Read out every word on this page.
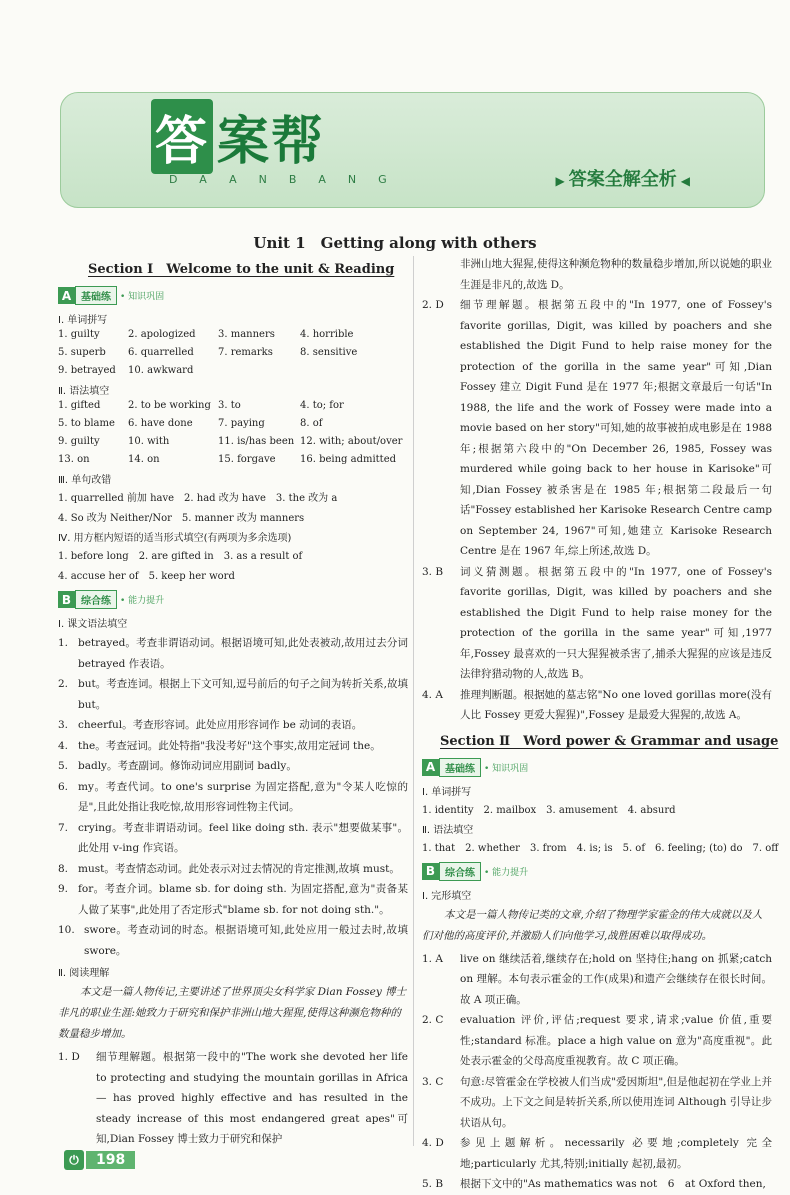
答 案帮
DAANBANG	▶ 答案全解全析 ◀
Unit 1　Getting along with others
Section Ⅰ　Welcome to the unit & Reading
A 基础练	• 知识巩固
Ⅰ. 单词拼写
1. guilty	2. apologized	3. manners	4. horrible
5. superb	6. quarrelled	7. remarks	8. sensitive
9. betrayed	10. awkward
Ⅱ. 语法填空
1. gifted	2. to be working 3. to	4. to; for
5. to blame	6. have done	7. paying	8. of
9. guilty	10. with	11. is/has been 12. with; about/over
13. on	14. on	15. forgave	16. being admitted
Ⅲ. 单句改错
1. quarrelled 前加 have　2. had 改为 have　3. the 改为 a
4. So 改为 Neither/Nor　5. manner 改为 manners
Ⅳ. 用方框内短语的适当形式填空(有两项为多余选项)
1. before long　2. are gifted in　3. as a result of
4. accuse her of　5. keep her word
B 综合练	• 能力提升
Ⅰ. 课文语法填空
1. betrayed。考查非谓语动词。根据语境可知,此处表被动,故用过去分词 betrayed 作表语。
2. but。考查连词。根据上下文可知,逗号前后的句子之间为转折关系,故填 but。
3. cheerful。考查形容词。此处应用形容词作 be 动词的表语。
4. the。考查冠词。此处特指"我没考好"这个事实,故用定冠词 the。
5. badly。考查副词。修饰动词应用副词 badly。
6. my。考查代词。to one's surprise 为固定搭配,意为"令某人吃惊的是",且此处指让我吃惊,故用形容词性物主代词。
7. crying。考查非谓语动词。feel like doing sth. 表示"想要做某事"。此处用 v-ing 作宾语。
8. must。考查情态动词。此处表示对过去情况的肯定推测,故填 must。
9. for。考查介词。blame sb. for doing sth. 为固定搭配,意为"责备某人做了某事",此处用了否定形式"blame sb. for not doing sth."。
10. swore。考查动词的时态。根据语境可知,此处应用一般过去时,故填 swore。
Ⅱ. 阅读理解
本文是一篇人物传记,主要讲述了世界顶尖女科学家 Dian Fossey 博士非凡的职业生涯:她致力于研究和保护非洲山地大猩猩,使得这种濒危物种的数量稳步增加。
1. D	细节理解题。根据第一段中的"The work she devoted her life to protecting and studying the mountain gorillas in Africa — has proved highly effective and has resulted in the steady increase of this most endangered great apes"可知,Dian Fossey 博士致力于研究和保护
非洲山地大猩猩,使得这种濒危物种的数量稳步增加,所以说她的职业生涯是非凡的,故选 D。
2. D	细节理解题。根据第五段中的"In 1977, one of Fossey's favorite gorillas, Digit, was killed by poachers and she established the Digit Fund to help raise money for the protection of the gorilla in the same year"可知,Dian Fossey 建立 Digit Fund 是在 1977 年;根据文章最后一句话"In 1988, the life and the work of Fossey were made into a movie based on her story"可知,她的故事被拍成电影是在 1988 年;根据第六段中的"On December 26, 1985, Fossey was murdered while going back to her house in Karisoke"可知,Dian Fossey 被杀害是在 1985 年;根据第二段最后一句话"Fossey established her Karisoke Research Centre camp on September 24, 1967"可知,她建立 Karisoke Research Centre 是在 1967 年,综上所述,故选 D。
3. B	词义猜测题。根据第五段中的"In 1977, one of Fossey's favorite gorillas, Digit, was killed by poachers and she established the Digit Fund to help raise money for the protection of the gorilla in the same year"可知,1977 年,Fossey 最喜欢的一只大猩猩被杀害了,捕杀大猩猩的应该是违反法律狩猎动物的人,故选 B。
4. A	推理判断题。根据她的墓志铭"No one loved gorillas more(没有人比 Fossey 更爱大猩猩)",Fossey 是最爱大猩猩的,故选 A。
Section Ⅱ　Word power & Grammar and usage
A 基础练	• 知识巩固
Ⅰ. 单词拼写
1. identity　2. mailbox　3. amusement　4. absurd
Ⅱ. 语法填空
1. that　2. whether　3. from　4. is; is　5. of　6. feeling; (to) do　7. off
B 综合练	• 能力提升
Ⅰ. 完形填空
本文是一篇人物传记类的文章,介绍了物理学家霍金的伟大成就以及人们对他的高度评价,并激励人们向他学习,战胜困难以取得成功。
1. A	live on 继续活着,继续存在;hold on 坚持住;hang on 抓紧;catch on 理解。本句表示霍金的工作(成果)和遗产会继续存在很长时间。故 A 项正确。
2. C	evaluation 评价,评估;request 要求,请求;value 价值,重要性;standard 标准。place a high value on 意为"高度重视"。此处表示霍金的父母高度重视教育。故 C 项正确。
3. C	句意:尽管霍金在学校被人们当成"爱因斯坦",但是他起初在学业上并不成功。上下文之间是转折关系,所以使用连词 Although 引导让步状语从句。
4. D	参见上题解析。necessarily 必要地;completely 完全地;particularly 尤其,特别;initially 起初,最初。
5. B	根据下文中的"As mathematics was not　6　at Oxford then,
⏻	198
